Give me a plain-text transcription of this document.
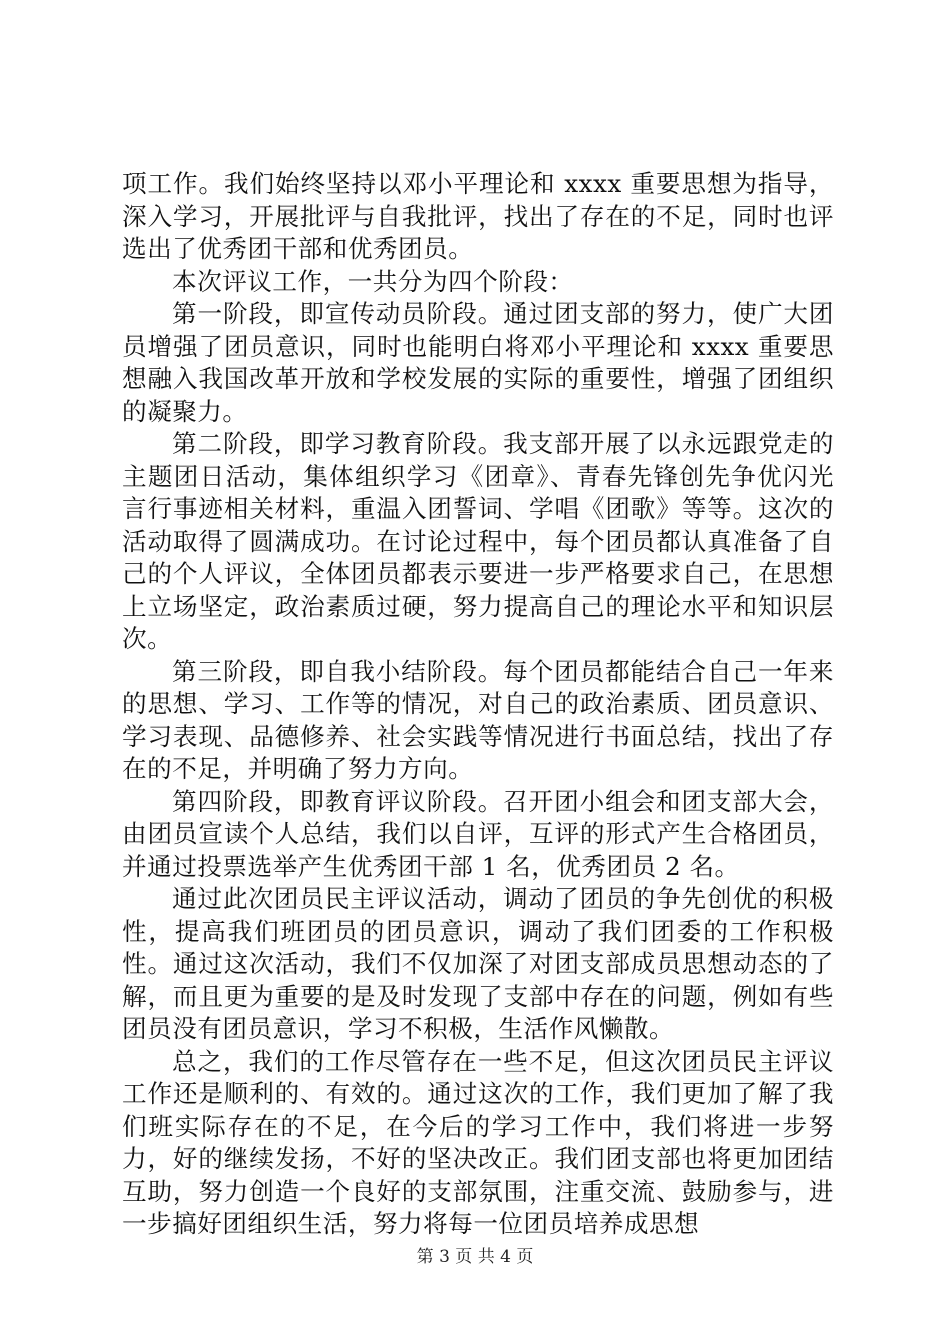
项工作。我们始终坚持以邓小平理论和 xxxx 重要思想为指导，深入学习，开展批评与自我批评，找出了存在的不足，同时也评选出了优秀团干部和优秀团员。

本次评议工作，一共分为四个阶段：

第一阶段，即宣传动员阶段。通过团支部的努力，使广大团员增强了团员意识，同时也能明白将邓小平理论和 xxxx 重要思想融入我国改革开放和学校发展的实际的重要性，增强了团组织的凝聚力。

第二阶段，即学习教育阶段。我支部开展了以永远跟党走的主题团日活动，集体组织学习《团章》、青春先锋创先争优闪光言行事迹相关材料，重温入团誓词、学唱《团歌》等等。这次的活动取得了圆满成功。在讨论过程中，每个团员都认真准备了自己的个人评议，全体团员都表示要进一步严格要求自己，在思想上立场坚定，政治素质过硬，努力提高自己的理论水平和知识层次。

第三阶段，即自我小结阶段。每个团员都能结合自己一年来的思想、学习、工作等的情况，对自己的政治素质、团员意识、学习表现、品德修养、社会实践等情况进行书面总结，找出了存在的不足，并明确了努力方向。

第四阶段，即教育评议阶段。召开团小组会和团支部大会，由团员宣读个人总结，我们以自评，互评的形式产生合格团员，并通过投票选举产生优秀团干部 1 名，优秀团员 2 名。

通过此次团员民主评议活动，调动了团员的争先创优的积极性，提高我们班团员的团员意识，调动了我们团委的工作积极性。通过这次活动，我们不仅加深了对团支部成员思想动态的了解，而且更为重要的是及时发现了支部中存在的问题，例如有些团员没有团员意识，学习不积极，生活作风懒散。

总之，我们的工作尽管存在一些不足，但这次团员民主评议工作还是顺利的、有效的。通过这次的工作，我们更加了解了我们班实际存在的不足，在今后的学习工作中，我们将进一步努力，好的继续发扬，不好的坚决改正。我们团支部也将更加团结互助，努力创造一个良好的支部氛围，注重交流、鼓励参与，进一步搞好团组织生活，努力将每一位团员培养成思想

第 3 页 共 4 页
